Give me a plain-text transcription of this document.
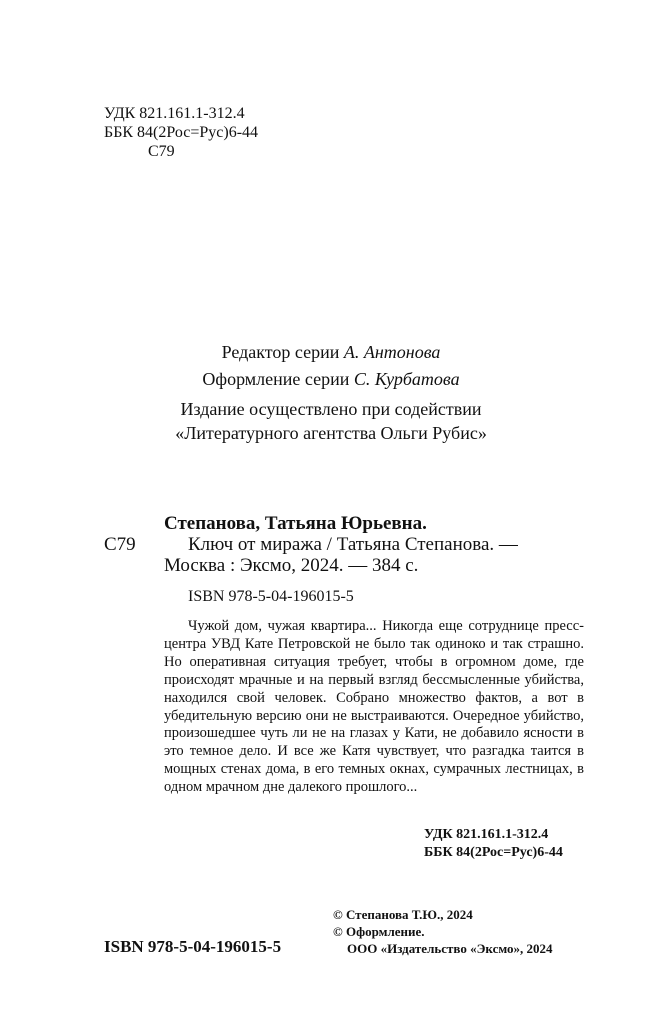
УДК 821.161.1-312.4
ББК 84(2Рос=Рус)6-44
С79
Редактор серии А. Антонова
Оформление серии С. Курбатова
Издание осуществлено при содействии
«Литературного агентства Ольги Рубис»
Степанова, Татьяна Юрьевна.
С79	Ключ от миража / Татьяна Степанова. —
Москва : Эксмо, 2024. — 384 с.
ISBN 978-5-04-196015-5
Чужой дом, чужая квартира... Никогда еще сотруднице пресс-центра УВД Кате Петровской не было так одиноко и так страшно. Но оперативная ситуация требует, чтобы в огромном доме, где происходят мрачные и на первый взгляд бессмысленные убийства, находился свой человек. Собрано множество фактов, а вот в убедительную версию они не выстраиваются. Очередное убийство, произошедшее чуть ли не на глазах у Кати, не добавило ясности в это темное дело. И все же Катя чувствует, что разгадка таится в мощных стенах дома, в его темных окнах, сумрачных лестницах, в одном мрачном дне далекого прошлого...
УДК 821.161.1-312.4
ББК 84(2Рос=Рус)6-44
© Степанова Т.Ю., 2024
© Оформление.
ООО «Издательство «Эксмо», 2024
ISBN 978-5-04-196015-5
